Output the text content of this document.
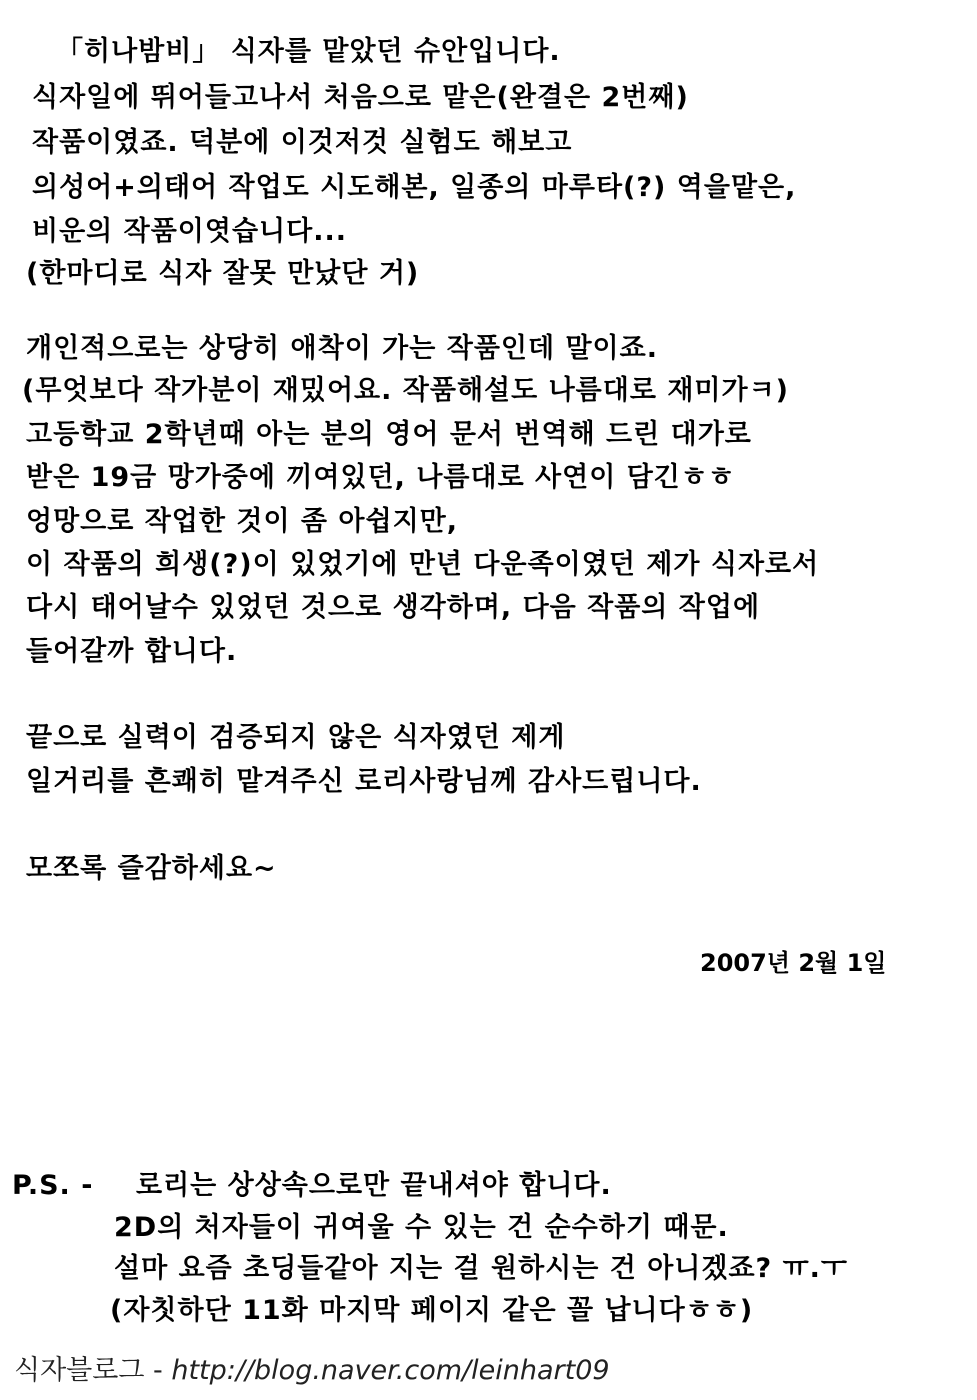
「히나밤비」 식자를 맡았던 슈안입니다.
식자일에 뛰어들고나서 처음으로 맡은(완결은 2번째)
작품이였죠. 덕분에 이것저것 실험도 해보고
의성어+의태어 작업도 시도해본, 일종의 마루타(?) 역을맡은,
비운의 작품이엿습니다...
(한마디로 식자 잘못 만났단 거)
개인적으로는 상당히 애착이 가는 작품인데 말이죠.
(무엇보다 작가분이 재밌어요. 작품해설도 나름대로 재미가ㅋ)
고등학교 2학년때 아는 분의 영어 문서 번역해 드린 대가로
받은 19금 망가중에 끼여있던, 나름대로 사연이 담긴ㅎㅎ
엉망으로 작업한 것이 좀 아쉽지만,
이 작품의 희생(?)이 있었기에 만년 다운족이였던 제가 식자로서
다시 태어날수 있었던 것으로 생각하며, 다음 작품의 작업에
들어갈까 합니다.
끝으로 실력이 검증되지 않은 식자였던 제게
일거리를 흔쾌히 맡겨주신 로리사랑님께 감사드립니다.
모쪼록 즐감하세요~
2007년 2월 1일
P.S. - 로리는 상상속으로만 끝내셔야 합니다.
2D의 처자들이 귀여울 수 있는 건 순수하기 때문.
설마 요즘 초딩들같아 지는 걸 원하시는 건 아니겠죠? ㅠ.ㅜ
(자칫하단 11화 마지막 페이지 같은 꼴 납니다ㅎㅎ)
식자블로그 - http://blog.naver.com/leinhart09
